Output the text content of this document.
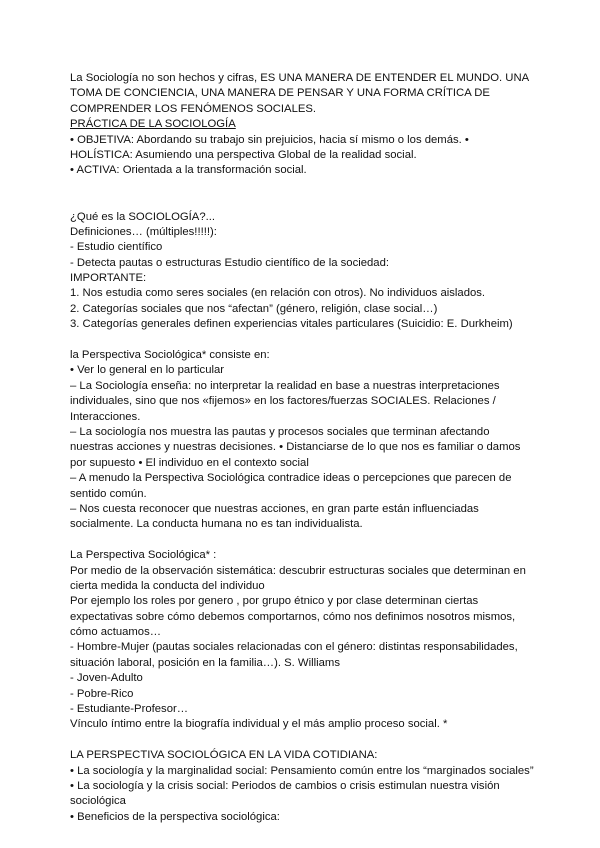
La Sociología no son hechos y cifras, ES UNA MANERA DE ENTENDER EL MUNDO. UNA
TOMA DE CONCIENCIA, UNA MANERA DE PENSAR Y UNA FORMA CRÍTICA DE
COMPRENDER LOS FENÓMENOS SOCIALES.
PRÁCTICA DE LA SOCIOLOGÍA
• OBJETIVA: Abordando su trabajo sin prejuicios, hacia sí mismo o los demás. •
HOLÍSTICA: Asumiendo una perspectiva Global de la realidad social.
• ACTIVA: Orientada a la transformación social.
¿Qué es la SOCIOLOGÍA?...
Definiciones… (múltiples!!!!!):
- Estudio científico
- Detecta pautas o estructuras Estudio científico de la sociedad:
IMPORTANTE:
1. Nos estudia como seres sociales (en relación con otros). No individuos aislados.
2. Categorías sociales que nos “afectan” (género, religión, clase social…)
3. Categorías generales definen experiencias vitales particulares (Suicidio: E. Durkheim)
la Perspectiva Sociológica* consiste en:
• Ver lo general en lo particular
– La Sociología enseña: no interpretar la realidad en base a nuestras interpretaciones
individuales, sino que nos «fijemos» en los factores/fuerzas SOCIALES. Relaciones /
Interacciones.
– La sociología nos muestra las pautas y procesos sociales que terminan afectando
nuestras acciones y nuestras decisiones. • Distanciarse de lo que nos es familiar o damos
por supuesto • El individuo en el contexto social
– A menudo la Perspectiva Sociológica contradice ideas o percepciones que parecen de
sentido común.
– Nos cuesta reconocer que nuestras acciones, en gran parte están influenciadas
socialmente. La conducta humana no es tan individualista.
La Perspectiva Sociológica* :
Por medio de la observación sistemática: descubrir estructuras sociales que determinan en
cierta medida la conducta del individuo
Por ejemplo los roles por genero , por grupo étnico y por clase determinan ciertas
expectativas sobre cómo debemos comportarnos, cómo nos definimos nosotros mismos,
cómo actuamos…
- Hombre-Mujer (pautas sociales relacionadas con el género: distintas responsabilidades,
situación laboral, posición en la familia…). S. Williams
- Joven-Adulto
- Pobre-Rico
- Estudiante-Profesor…
Vínculo íntimo entre la biografía individual y el más amplio proceso social. *
LA PERSPECTIVA SOCIOLÓGICA EN LA VIDA COTIDIANA:
• La sociología y la marginalidad social: Pensamiento común entre los “marginados sociales”
• La sociología y la crisis social: Periodos de cambios o crisis estimulan nuestra visión
sociológica
• Beneficios de la perspectiva sociológica:
